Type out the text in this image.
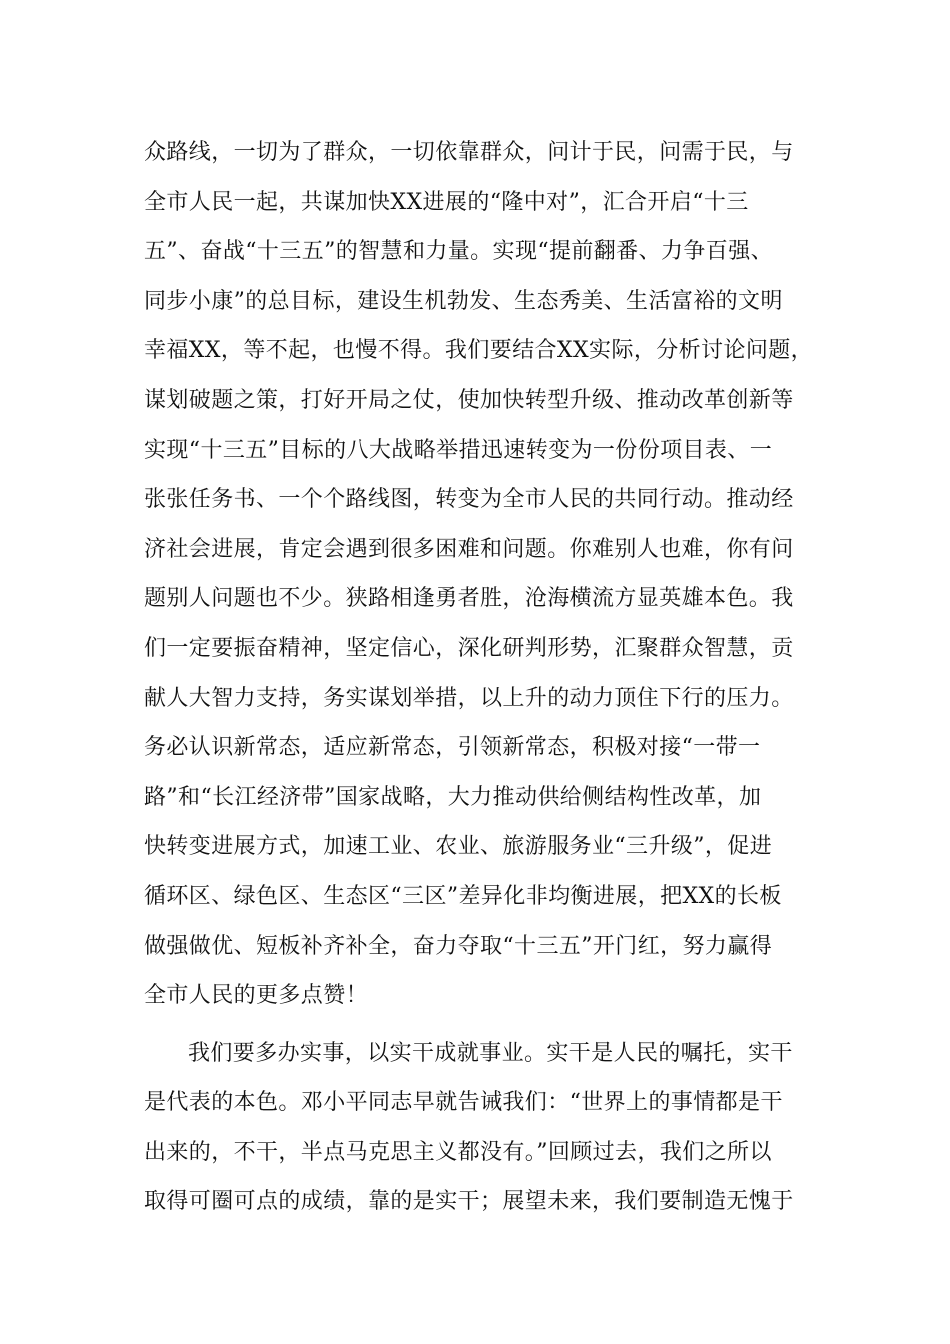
众路线，一切为了群众，一切依靠群众，问计于民，问需于民，与
全市人民一起，共谋加快XX进展的“隆中对”，汇合开启“十三
五”、奋战“十三五”的智慧和力量。实现“提前翻番、力争百强、
同步小康”的总目标，建设生机勃发、生态秀美、生活富裕的文明
幸福XX，等不起，也慢不得。我们要结合XX实际，分析讨论问题，
谋划破题之策，打好开局之仗，使加快转型升级、推动改革创新等
实现“十三五”目标的八大战略举措迅速转变为一份份项目表、一
张张任务书、一个个路线图，转变为全市人民的共同行动。推动经
济社会进展，肯定会遇到很多困难和问题。你难别人也难，你有问
题别人问题也不少。狭路相逢勇者胜，沧海横流方显英雄本色。我
们一定要振奋精神，坚定信心，深化研判形势，汇聚群众智慧，贡
献人大智力支持，务实谋划举措，以上升的动力顶住下行的压力。
务必认识新常态，适应新常态，引领新常态，积极对接“一带一
路”和“长江经济带”国家战略，大力推动供给侧结构性改革，加
快转变进展方式，加速工业、农业、旅游服务业“三升级”，促进
循环区、绿色区、生态区“三区”差异化非均衡进展，把XX的长板
做强做优、短板补齐补全，奋力夺取“十三五”开门红，努力赢得
全市人民的更多点赞！
我们要多办实事，以实干成就事业。实干是人民的嘱托，实干
是代表的本色。邓小平同志早就告诫我们：“世界上的事情都是干
出来的，不干，半点马克思主义都没有。”回顾过去，我们之所以
取得可圈可点的成绩，靠的是实干；展望未来，我们要制造无愧于
